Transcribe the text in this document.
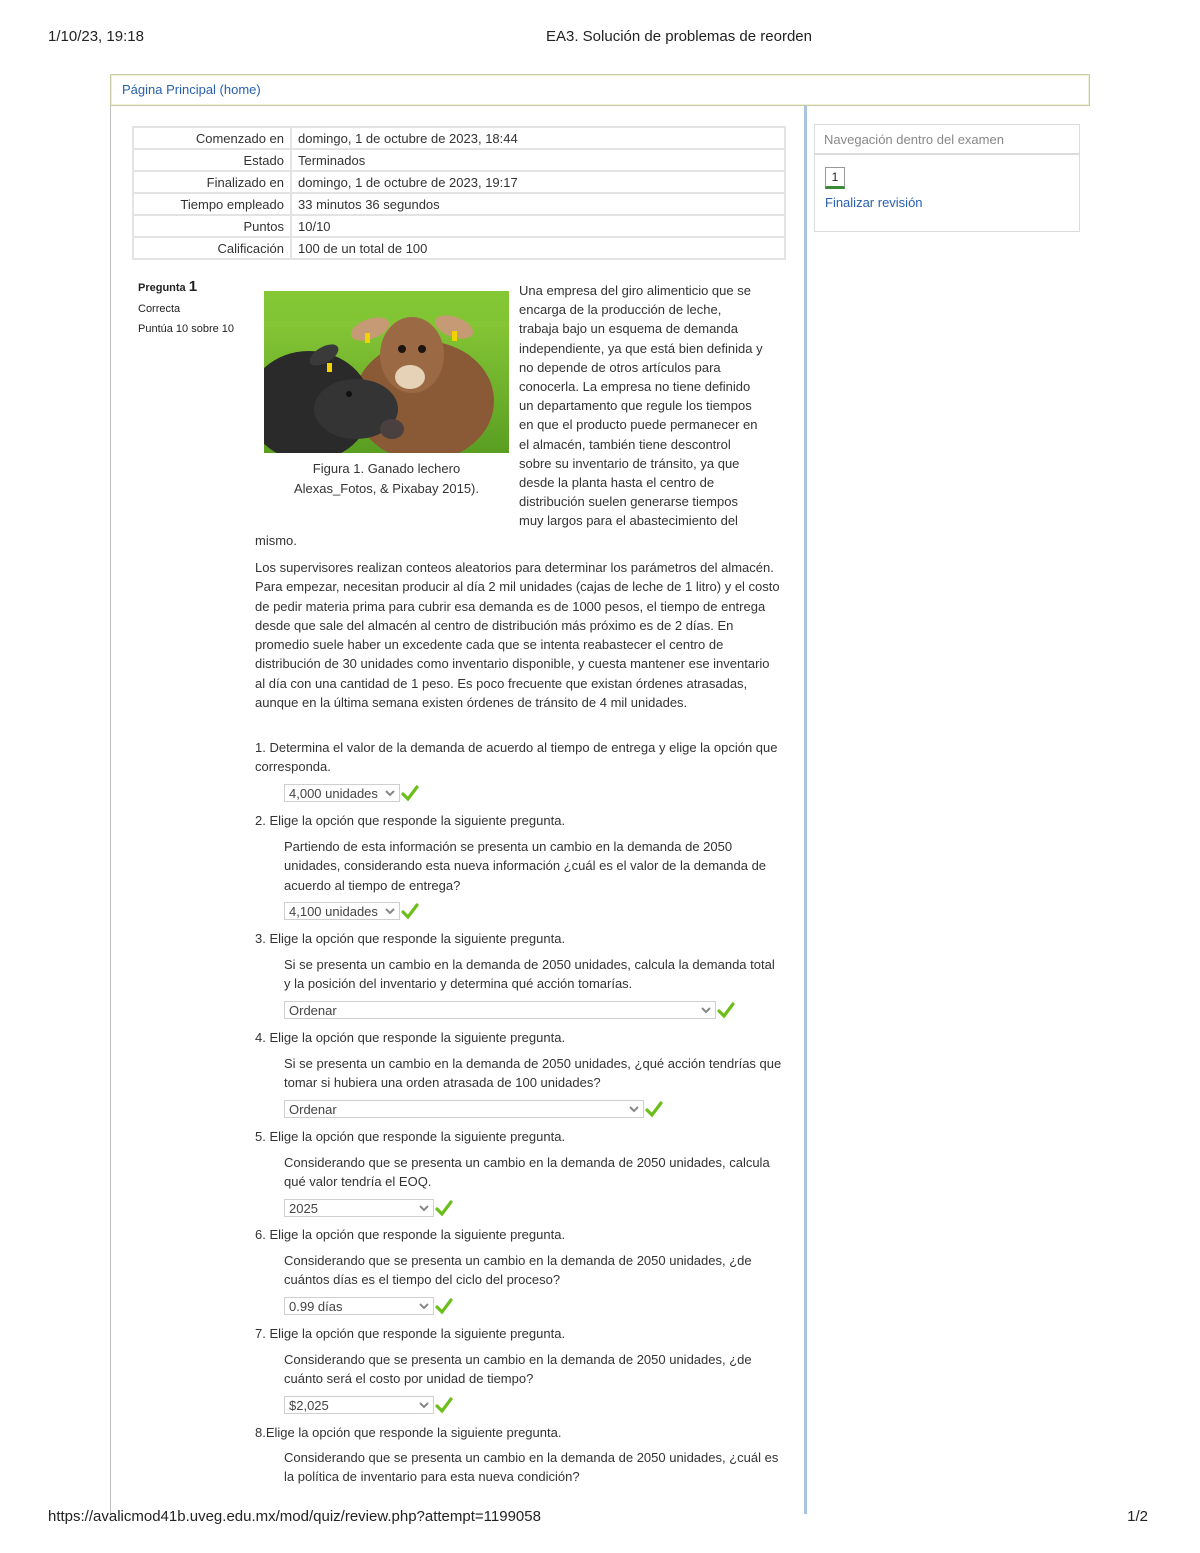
1/10/23, 19:18	EA3. Solución de problemas de reorden
Página Principal (home)
Comenzado en	domingo, 1 de octubre de 2023, 18:44
Estado	Terminados
Finalizado en	domingo, 1 de octubre de 2023, 19:17
Tiempo empleado	33 minutos 36 segundos
Puntos	10/10
Calificación	100 de un total de 100
Navegación dentro del examen
1
Finalizar revisión
Pregunta 1
Correcta
Puntúa 10 sobre 10
Figura 1. Ganado lechero
Alexas_Fotos, & Pixabay 2015).
Una empresa del giro alimenticio que se
encarga de la producción de leche,
trabaja bajo un esquema de demanda
independiente, ya que está bien definida y
no depende de otros artículos para
conocerla. La empresa no tiene definido
un departamento que regule los tiempos
en que el producto puede permanecer en
el almacén, también tiene descontrol
sobre su inventario de tránsito, ya que
desde la planta hasta el centro de
distribución suelen generarse tiempos
muy largos para el abastecimiento del
mismo.
Los supervisores realizan conteos aleatorios para determinar los parámetros del almacén. Para empezar, necesitan producir al día 2 mil unidades (cajas de leche de 1 litro) y el costo de pedir materia prima para cubrir esa demanda es de 1000 pesos, el tiempo de entrega desde que sale del almacén al centro de distribución más próximo es de 2 días. En promedio suele haber un excedente cada que se intenta reabastecer el centro de distribución de 30 unidades como inventario disponible, y cuesta mantener ese inventario al día con una cantidad de 1 peso. Es poco frecuente que existan órdenes atrasadas, aunque en la última semana existen órdenes de tránsito de 4 mil unidades.
1. Determina el valor de la demanda de acuerdo al tiempo de entrega y elige la opción que corresponda.
4,000 unidades
2. Elige la opción que responde la siguiente pregunta.
Partiendo de esta información se presenta un cambio en la demanda de 2050 unidades, considerando esta nueva información ¿cuál es el valor de la demanda de acuerdo al tiempo de entrega?
4,100 unidades
3. Elige la opción que responde la siguiente pregunta.
Si se presenta un cambio en la demanda de 2050 unidades, calcula la demanda total y la posición del inventario y determina qué acción tomarías.
Ordenar
4. Elige la opción que responde la siguiente pregunta.
Si se presenta un cambio en la demanda de 2050 unidades, ¿qué acción tendrías que tomar si hubiera una orden atrasada de 100 unidades?
Ordenar
5. Elige la opción que responde la siguiente pregunta.
Considerando que se presenta un cambio en la demanda de 2050 unidades, calcula qué valor tendría el EOQ.
2025
6. Elige la opción que responde la siguiente pregunta.
Considerando que se presenta un cambio en la demanda de 2050 unidades, ¿de cuántos días es el tiempo del ciclo del proceso?
0.99 días
7. Elige la opción que responde la siguiente pregunta.
Considerando que se presenta un cambio en la demanda de 2050 unidades, ¿de cuánto será el costo por unidad de tiempo?
$2,025
8.Elige la opción que responde la siguiente pregunta.
Considerando que se presenta un cambio en la demanda de 2050 unidades, ¿cuál es la política de inventario para esta nueva condición?
https://avalicmod41b.uveg.edu.mx/mod/quiz/review.php?attempt=1199058	1/2
